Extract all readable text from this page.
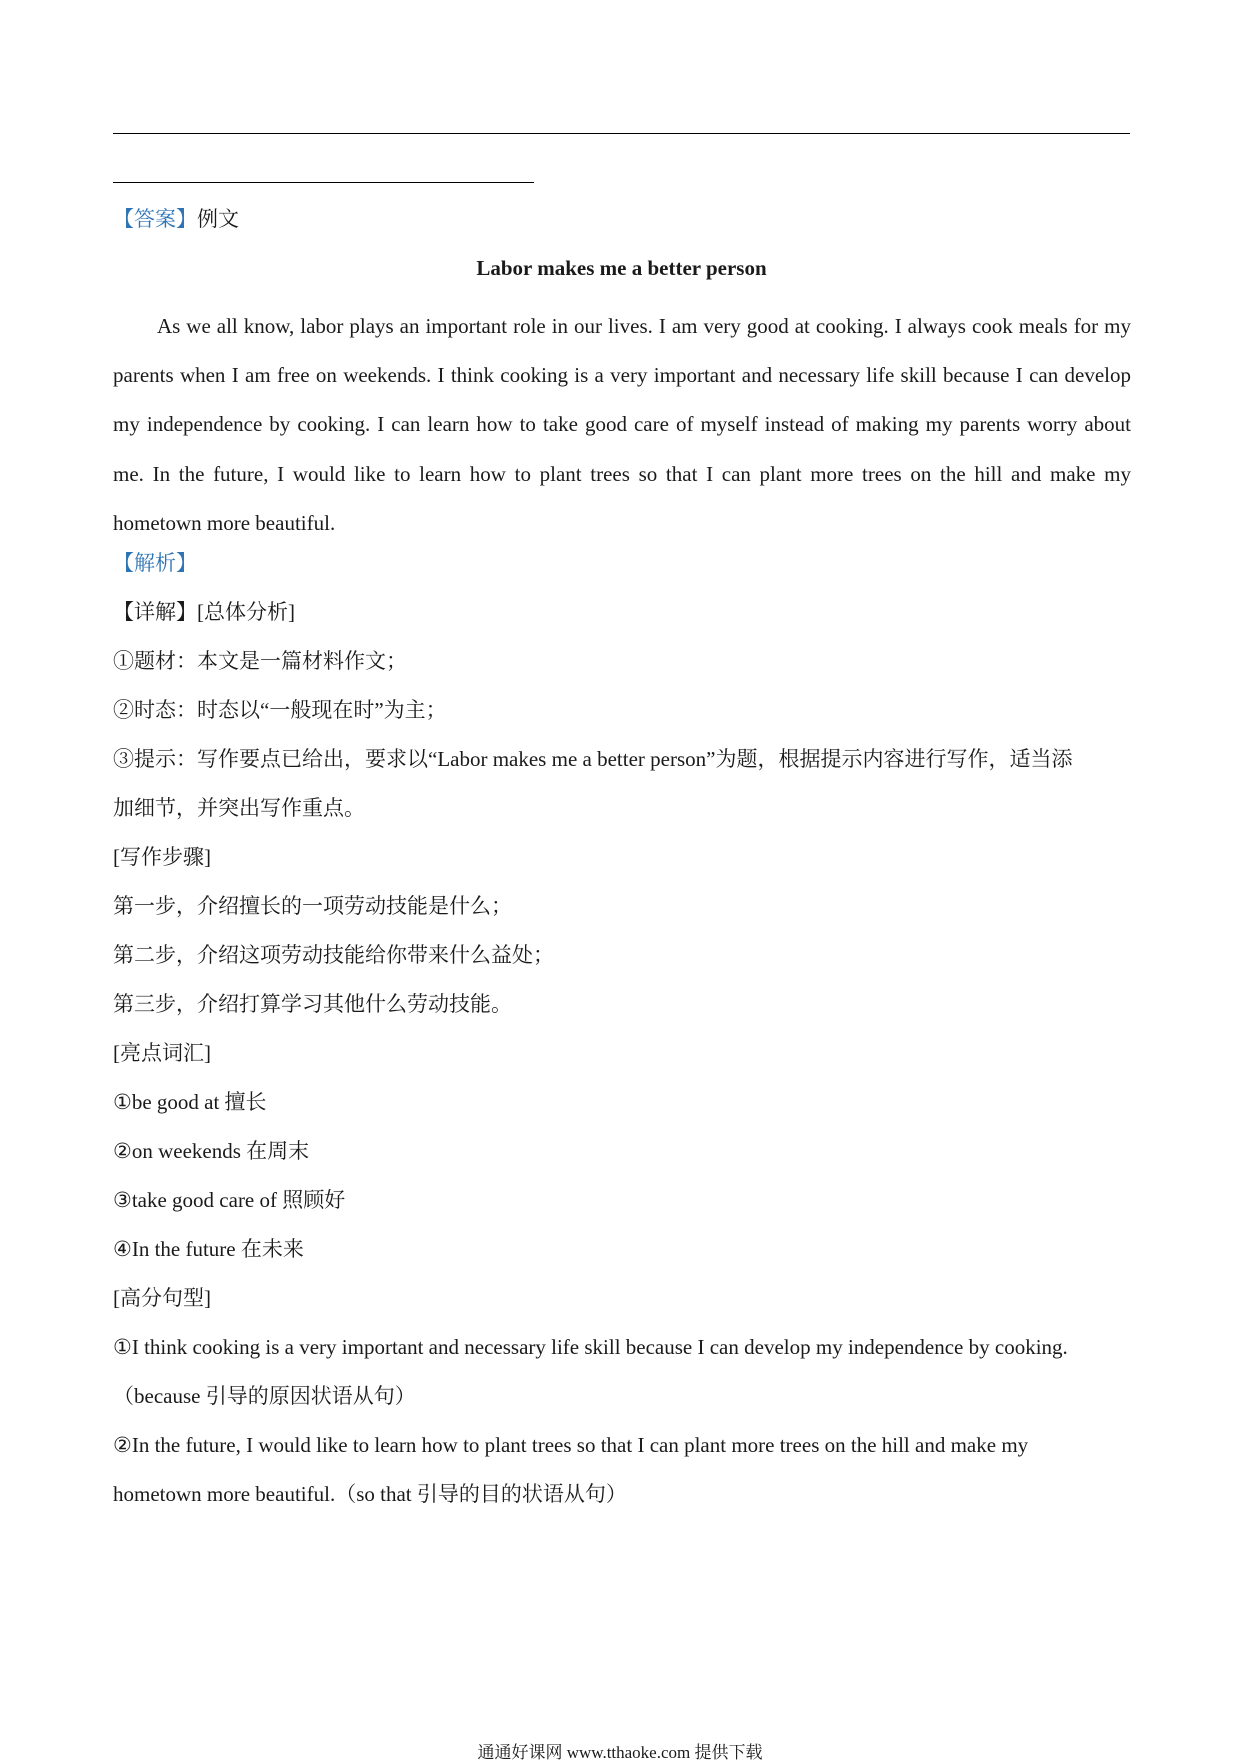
【答案】例文
Labor makes me a better person

As we all know, labor plays an important role in our lives. I am very good at cooking. I always cook meals for my parents when I am free on weekends. I think cooking is a very important and necessary life skill because I can develop my independence by cooking. I can learn how to take good care of myself instead of making my parents worry about me. In the future, I would like to learn how to plant trees so that I can plant more trees on the hill and make my hometown more beautiful.

【解析】
【详解】[总体分析]
①题材：本文是一篇材料作文；
②时态：时态以“一般现在时”为主；
③提示：写作要点已给出，要求以“Labor makes me a better person”为题，根据提示内容进行写作，适当添
加细节，并突出写作重点。
[写作步骤]
第一步，介绍擅长的一项劳动技能是什么；
第二步，介绍这项劳动技能给你带来什么益处；
第三步，介绍打算学习其他什么劳动技能。
[亮点词汇]
①be good at 擅长
②on weekends 在周末
③take good care of 照顾好
④In the future 在未来
[高分句型]
①I think cooking is a very important and necessary life skill because I can develop my independence by cooking.
（because 引导的原因状语从句）
②In the future, I would like to learn how to plant trees so that I can plant more trees on the hill and make my
hometown more beautiful.（so that 引导的目的状语从句）
通通好课网 www.tthaoke.com 提供下载
